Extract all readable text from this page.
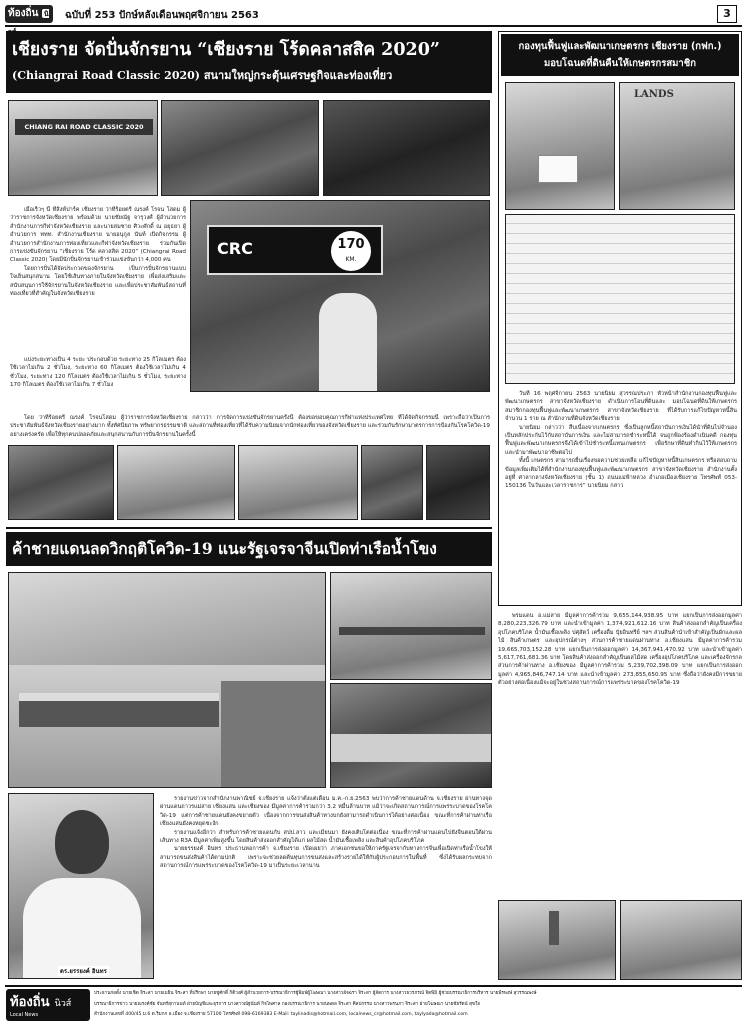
ท้องถิ่น นิ	ฉบับที่ 253 ปักษ์หลังเดือนพฤศจิกายน 2563	3
เชียงราย จัดปั่นจักรยาน “เชียงราย โร้ดคลาสสิค 2020”
(Chiangrai Road Classic 2020) สนามใหญ่กระตุ้นเศรษฐกิจและท่องเที่ยว
CHIANG RAI ROAD CLASSIC 2020

เมื่อเร็วๆ นี้ ที่สิงห์ปาร์ค เชียงราย ว่าที่ร้อยตรี ณรงค์ โรจน โสดม ผู้ว่าราชการจังหวัดเชียงราย พร้อมด้วย นายชัยณัฐ จารุวงศ์ ผู้อำนวยการสำนักงานการกีฬาจังหวัดเชียงราย และนายสมชาย ศิวะศักดิ์ ณ อยุธยา ผู้อำนวยการ ททท. สำนักงานเชียงราย นายอนุกูล นันท์ เปิดกิจกรรม ผู้อำนวยการสำนักงานการท่องเที่ยวและกีฬาจังหวัดเชียงราย ร่วมกันเปิดการแข่งขันจักรยาน “เชียงราย โร้ด คลาสสิค 2020” (Chiangrai Road Classic 2020) โดยมีนักปั่นจักรยานเข้าร่วมแข่งขันกว่า 4,000 คน

โดยการปั่นได้จัดประกวดของจักรยาน เป็นการปั่นจักรยานแบบใจเย็นสนุกสนาน โดยใช้เส้นทางภายในจังหวัดเชียงราย เพื่อส่งเสริมและสนับสนุนการใช้จักรยานในจังหวัดเชียงราย และเพื่อประชาสัมพันธ์สถานที่ท่องเที่ยวที่สำคัญในจังหวัดเชียงราย

CRC	170
KM.

แบ่งระยะทางเป็น 4 ระยะ ประกอบด้วย ระยะทาง 25 กิโลเมตร ต้องใช้เวลาไม่เกิน 2 ชั่วโมง, ระยะทาง 60 กิโลเมตร ต้องใช้เวลาไม่เกิน 4 ชั่วโมง, ระยะทาง 120 กิโลเมตร ต้องใช้เวลาไม่เกิน 5 ชั่วโมง, ระยะทาง 170 กิโลเมตร ต้องใช้เวลาไม่เกิน 7 ชั่วโมง

โดย ว่าที่ร้อยตรี ณรงค์ โรจนโสดม ผู้ว่าราชการจังหวัดเชียงราย กล่าวว่า การจัดการแข่งขันจักรยานครั้งนี้ ต้องขอขอบคุณการกีฬาแห่งประเทศไทย ที่ได้จัดกิจกรรมนี้ เพราะถือว่าเป็นการประชาสัมพันธ์จังหวัดเชียงรายอย่างมาก ทั้งทัศนียภาพ ทรัพยากรธรรมชาติ และสถานที่ท่องเที่ยวที่ได้รับความนิยมจากนักท่องเที่ยวของจังหวัดเชียงราย และร่วมกันรักษามาตรการการป้องกันโรคโควิด-19 อย่างเคร่งครัด เพื่อให้ทุกคนปลอดภัยและสนุกสนานกับการปั่นจักรยานในครั้งนี้

ค้าชายแดนลดวิกฤติโควิด-19 แนะรัฐเจรจาจีนเปิดท่าเรือน้ำโขง
ดร.ยรรยงค์ อินทร

รายงานข่าวจากสำนักงานพาณิชย์ จ.เชียงราย แจ้งว่าตั้งแต่เดือน ม.ค.-ก.ย.2563 พบว่าการค้าชายแดนด้าน จ.เชียงราย ผ่านทางจุดผ่านแดนถาวรแม่สาย เชียงแสน และเชียงของ มีมูลค่าการค้ารวมกว่า 3.2 หมื่นล้านบาท แม้ว่าจะเกิดสถานการณ์การแพร่ระบาดของโรคโควิด-19 แต่การค้าชายแดนยังคงขยายตัว เนื่องจากการขนส่งสินค้าทางบกยังสามารถดำเนินการได้อย่างต่อเนื่อง ขณะที่การค้าผ่านท่าเรือเชียงแสนยังคงหยุดชะงัก

รายงานแจ้งอีกว่า สำหรับการค้าชายแดนกับ สปป.ลาว และเมียนมา ยังคงเติบโตต่อเนื่อง ขณะที่การค้าผ่านแดนไปยังจีนตอนใต้ผ่านเส้นทาง R3A มีมูลค่าเพิ่มสูงขึ้น โดยสินค้าส่งออกสำคัญได้แก่ ผลไม้สด น้ำมันเชื้อเพลิง และสินค้าอุปโภคบริโภค

นายยรรยงค์ อินทร ประธานหอการค้า จ.เชียงราย เปิดเผยว่า ภาคเอกชนขอให้ภาครัฐเจรจากับทางการจีนเพื่อเปิดท่าเรือน้ำโขงให้สามารถขนส่งสินค้าได้ตามปกติ เพราะจะช่วยลดต้นทุนการขนส่งและสร้างรายได้ให้กับผู้ประกอบการในพื้นที่ ซึ่งได้รับผลกระทบจากสถานการณ์การแพร่ระบาดของโรคโควิด-19 มาเป็นระยะเวลานาน

กองทุนฟื้นฟูและพัฒนาเกษตรกร เชียงราย (กฟก.)
มอบโฉนดที่ดินคืนให้เกษตรกรสมาชิก
LANDS

วันที่ 16 พฤศจิกายน 2563 นายนิยม สุวรรณประภา หัวหน้าสำนักงานกองทุนฟื้นฟูและพัฒนาเกษตรกร สาขาจังหวัดเชียงราย ดำเนินการโอนที่ดินและ มอบโฉนดที่ดินให้เกษตรกรสมาชิกกองทุนฟื้นฟูและพัฒนาเกษตรกร สาขาจังหวัดเชียงราย ที่ได้รับการแก้ไขปัญหาหนี้สิน จำนวน 1 ราย ณ สำนักงานที่ดินจังหวัดเชียงราย

นายนิยม กล่าวว่า สืบเนื่องจากเกษตรกร ซึ่งเป็นลูกหนี้สถาบันการเงินได้นำที่ดินไปจำนองเป็นหลักประกันไว้กับสถาบันการเงิน และไม่สามารถชำระหนี้ได้ จนถูกฟ้องร้องดำเนินคดี กองทุนฟื้นฟูและพัฒนาเกษตรกรจึงได้เข้าไปชำระหนี้แทนเกษตรกร เพื่อรักษาที่ดินทำกินไว้ให้เกษตรกร และนำมาพัฒนาอาชีพต่อไป

ทั้งนี้ เกษตรกร สามารถยื่นเรื่องขอความช่วยเหลือ แก้ไขปัญหาหนี้สินเกษตรกร หรือสอบถามข้อมูลเพิ่มเติมได้ที่สำนักงานกองทุนฟื้นฟูและพัฒนาเกษตรกร สาขาจังหวัดเชียงราย สำนักงานตั้งอยู่ที่ ศาลากลางจังหวัดเชียงราย (ชั้น 1) ถนนแม่ฟ้าหลวง อำเภอเมืองเชียงราย โทรศัพท์ 053-150136 ในวันและเวลาราชการ” นายนิยม กล่าว

พรมแดน อ.แม่สาย มีมูลค่าการค้ารวม 9,655,144,938.95 บาท แยกเป็นการส่งออกมูลค่า 8,280,223,326.79 บาท และนำเข้ามูลค่า 1,374,921,612.16 บาท สินค้าส่งออกสำคัญเป็นเครื่องอุปโภคบริโภค น้ำมันเชื้อเพลิง ปศุสัตว์ เครื่องดื่ม ปุ๋ยอินทรีย์ ฯลฯ ส่วนสินค้านำเข้าสำคัญเป็นผักและผลไม้ สินค้าเกษตร และอุปกรณ์ต่างๆ ส่วนการค้าชายแดนผ่านทาง อ.เชียงแสน มีมูลค่าการค้ารวม 19,665,703,152.28 บาท แยกเป็นการส่งออกมูลค่า 14,367,941,470.92 บาท และนำเข้ามูลค่า 5,617,761,681.36 บาท โดยสินค้าส่งออกสำคัญเป็นผลไม้สด เครื่องอุปโภคบริโภค และเครื่องจักรกล ส่วนการค้าผ่านทาง อ.เชียงของ มีมูลค่าการค้ารวม 5,239,702,398.09 บาท แยกเป็นการส่งออกมูลค่า 4,965,846,747.14 บาท และนำเข้ามูลค่า 273,855,650.95 บาท ซึ่งถือว่ายังคงมีการขยายตัวอย่างต่อเนื่องแม้จะอยู่ในช่วงสถานการณ์การแพร่ระบาดของโรคโควิด-19

ท้องถิ่น นิวส์
Local News
ประธานก่อตั้ง นายเชิด จิระสา นายเมธิน จิระสา ที่ปรึกษา นายชูศักดิ์ กิติวงศ์ ผู้อำนวยการ-บรรณาธิการผู้พิมพ์ผู้โฆษณา นางสาวอัจฉรา จิระสา ผู้จัดการ นางสาวธวรภรณ์ จิตพิมิ ผู้ช่วยบรรณาธิการบริหาร นายพีรพงษ์ สุวรรณพงษ์
บรรณาธิการข่าว นายณรงค์ชัย จันทร์สุกานนท์ ฝ่ายบัญชีและธุรการ นางสาวณัฐนันท์ กิจไพศาล กองบรรณาธิการ นายนพดล จิระสา ศิลปกรรม นางสาวพรนภา จิระสา ฝ่ายโฆษณา นายชัยรัตน์ สุขใจ
สำนักงานเลขที่ 400/45 ม.6 ต.ริมกก อ.เมือง จ.เชียงราย 57100 โทรศัพท์ 098-6169383 E-Mail: taylinadis@hotmail.com, localnews_cr@hotmail.com, taylyada@hotmail.com
